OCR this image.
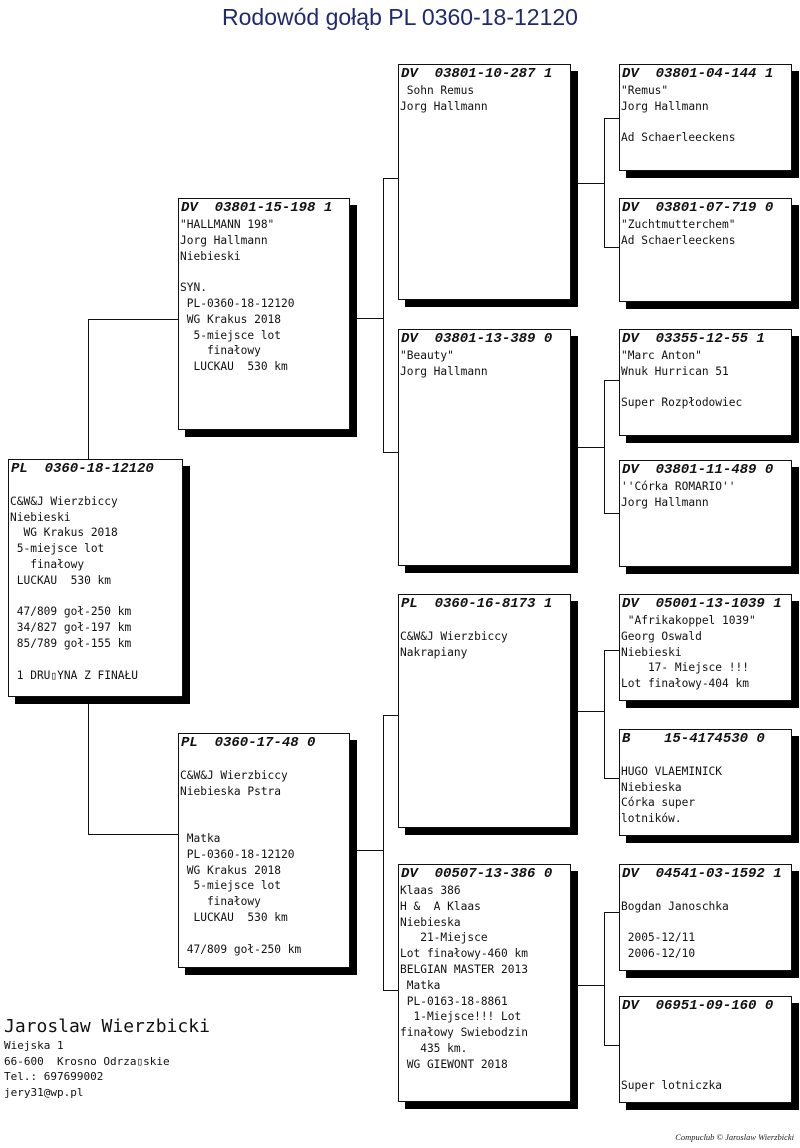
Rodowód gołąb PL 0360-18-12120
PL  0360-18-12120

C&W&J Wierzbiccy
Niebieski
WG Krakus 2018
5-miejsce lot
finałowy
LUCKAU  530 km

47/809 goł-250 km
34/827 goł-197 km
85/789 goł-155 km

1 DRU▯YNA Z FINAŁU
DV  03801-15-198 1
"HALLMANN 198"
Jorg Hallmann
Niebieski

SYN.
PL-0360-18-12120
WG Krakus 2018
5-miejsce lot
finałowy
LUCKAU  530 km
PL  0360-17-48 0

C&W&J Wierzbiccy
Niebieska Pstra

Matka
PL-0360-18-12120
WG Krakus 2018
5-miejsce lot
finałowy
LUCKAU  530 km

47/809 goł-250 km
DV  03801-10-287 1
Sohn Remus
Jorg Hallmann
DV  03801-13-389 0
"Beauty"
Jorg Hallmann
PL  0360-16-8173 1

C&W&J Wierzbiccy
Nakrapiany
DV  00507-13-386 0
Klaas 386
H &  A Klaas
Niebieska
21-Miejsce
Lot finałowy-460 km
BELGIAN MASTER 2013
Matka
PL-0163-18-8861
1-Miejsce!!! Lot
finałowy Swiebodzin
435 km.
WG GIEWONT 2018
DV  03801-04-144 1
"Remus"
Jorg Hallmann

Ad Schaerleeckens
DV  03801-07-719 0
"Zuchtmutterchem"
Ad Schaerleeckens
DV  03355-12-55 1
"Marc Anton"
Wnuk Hurrican 51

Super Rozpłodowiec
DV  03801-11-489 0
''Córka ROMARIO''
Jorg Hallmann
DV  05001-13-1039 1
"Afrikakoppel 1039"
Georg Oswald
Niebieski
17- Miejsce !!!
Lot finałowy-404 km
B    15-4174530 0

HUGO VLAEMINICK
Niebieska
Córka super
lotników.
DV  04541-03-1592 1

Bogdan Janoschka

2005-12/11
2006-12/10
DV  06951-09-160 0

Super lotniczka
Jaroslaw Wierzbicki
Wiejska 1
66-600  Krosno Odrza▯skie
Tel.: 697699002
jery31@wp.pl
Compuclub © Jaroslaw Wierzbicki
